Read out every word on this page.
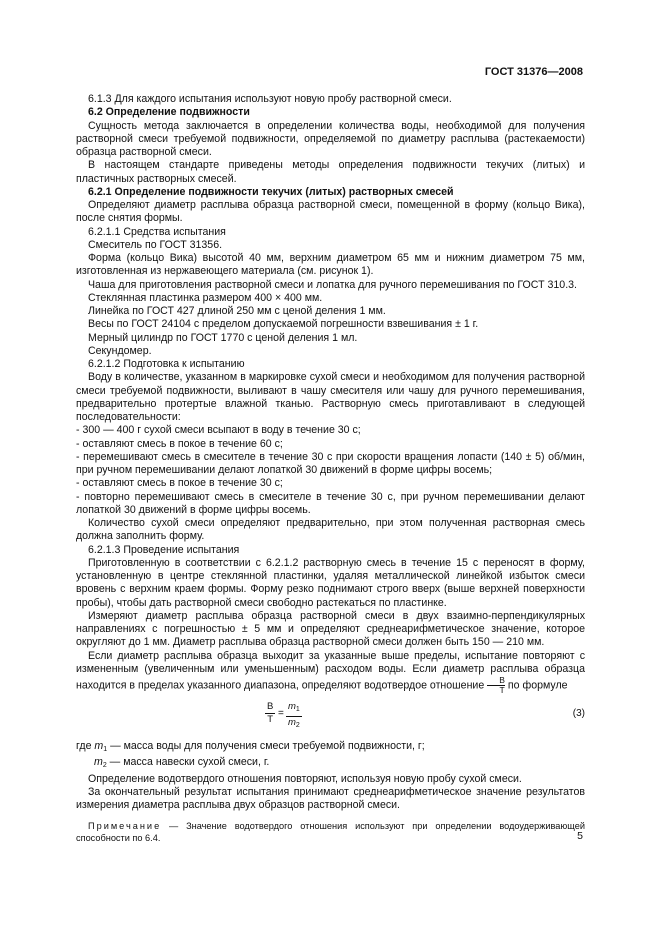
ГОСТ 31376—2008

6.1.3 Для каждого испытания используют новую пробу растворной смеси.

6.2 Определение подвижности

Сущность метода заключается в определении количества воды, необходимой для получения растворной смеси требуемой подвижности, определяемой по диаметру расплыва (растекаемости) образца растворной смеси.

В настоящем стандарте приведены методы определения подвижности текучих (литых) и пластичных растворных смесей.

6.2.1 Определение подвижности текучих (литых) растворных смесей

Определяют диаметр расплыва образца растворной смеси, помещенной в форму (кольцо Вика), после снятия формы.

6.2.1.1 Средства испытания

Смеситель по ГОСТ 31356.

Форма (кольцо Вика) высотой 40 мм, верхним диаметром 65 мм и нижним диаметром 75 мм, изготовленная из нержавеющего материала (см. рисунок 1).

Чаша для приготовления растворной смеси и лопатка для ручного перемешивания по ГОСТ 310.3.

Стеклянная пластинка размером 400 × 400 мм.

Линейка по ГОСТ 427 длиной 250 мм с ценой деления 1 мм.

Весы по ГОСТ 24104 с пределом допускаемой погрешности взвешивания ± 1 г.

Мерный цилиндр по ГОСТ 1770 с ценой деления 1 мл.

Секундомер.

6.2.1.2 Подготовка к испытанию

Воду в количестве, указанном в маркировке сухой смеси и необходимом для получения растворной смеси требуемой подвижности, выливают в чашу смесителя или чашу для ручного перемешивания, предварительно протертые влажной тканью. Растворную смесь приготавливают в следующей последовательности:

- 300 — 400 г сухой смеси всыпают в воду в течение 30 с;

- оставляют смесь в покое в течение 60 с;

- перемешивают смесь в смесителе в течение 30 с при скорости вращения лопасти (140 ± 5) об/мин, при ручном перемешивании делают лопаткой 30 движений в форме цифры восемь;

- оставляют смесь в покое в течение 30 с;

- повторно перемешивают смесь в смесителе в течение 30 с, при ручном перемешивании делают лопаткой 30 движений в форме цифры восемь.

Количество сухой смеси определяют предварительно, при этом полученная растворная смесь должна заполнить форму.

6.2.1.3 Проведение испытания

Приготовленную в соответствии с 6.2.1.2 растворную смесь в течение 15 с переносят в форму, установленную в центре стеклянной пластинки, удаляя металлической линейкой избыток смеси вровень с верхним краем формы. Форму резко поднимают строго вверх (выше верхней поверхности пробы), чтобы дать растворной смеси свободно растекаться по пластинке.

Измеряют диаметр расплыва образца растворной смеси в двух взаимно-перпендикулярных направлениях с погрешностью ± 5 мм и определяют среднеарифметическое значение, которое округляют до 1 мм. Диаметр расплыва образца растворной смеси должен быть 150 — 210 мм.

Если диаметр расплыва образца выходит за указанные выше пределы, испытание повторяют с измененным (увеличенным или уменьшенным) расходом воды. Если диаметр расплыва образца находится в пределах указанного диапазона, определяют водотвердое отношение $\frac{В}{Т}$ по формуле

В
Т
= $\frac{m_1}{m_2}$	(3)

где $m_1$ — масса воды для получения смеси требуемой подвижности, г;

$m_2$ — масса навески сухой смеси, г.

Определение водотвердого отношения повторяют, используя новую пробу сухой смеси.

За окончательный результат испытания принимают среднеарифметическое значение результатов измерения диаметра расплыва двух образцов растворной смеси.

Примечание — Значение водотвердого отношения используют при определении водоудерживающей способности по 6.4.	5
